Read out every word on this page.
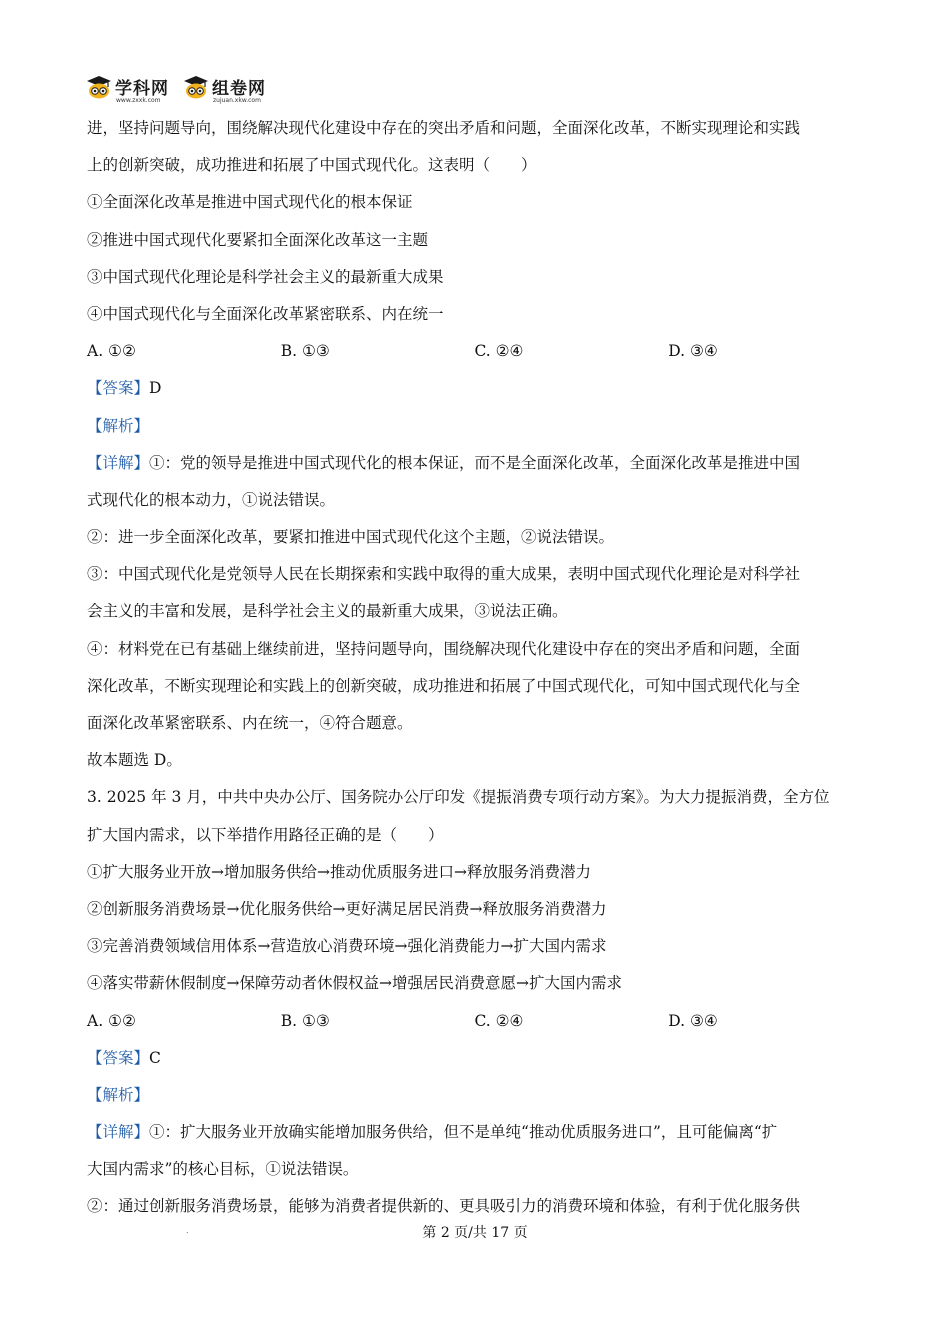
学科网
www.zxxk.com
组卷网
zujuan.xkw.com
进，坚持问题导向，围绕解决现代化建设中存在的突出矛盾和问题，全面深化改革，不断实现理论和实践
上的创新突破，成功推进和拓展了中国式现代化。这表明（　　）
①全面深化改革是推进中国式现代化的根本保证
②推进中国式现代化要紧扣全面深化改革这一主题
③中国式现代化理论是科学社会主义的最新重大成果
④中国式现代化与全面深化改革紧密联系、内在统一
A. ①②	B. ①③	C. ②④	D. ③④
【答案】D
【解析】
【详解】①：党的领导是推进中国式现代化的根本保证，而不是全面深化改革，全面深化改革是推进中国
式现代化的根本动力，①说法错误。
②：进一步全面深化改革，要紧扣推进中国式现代化这个主题，②说法错误。
③：中国式现代化是党领导人民在长期探索和实践中取得的重大成果，表明中国式现代化理论是对科学社
会主义的丰富和发展，是科学社会主义的最新重大成果，③说法正确。
④：材料党在已有基础上继续前进，坚持问题导向，围绕解决现代化建设中存在的突出矛盾和问题，全面
深化改革，不断实现理论和实践上的创新突破，成功推进和拓展了中国式现代化，可知中国式现代化与全
面深化改革紧密联系、内在统一，④符合题意。
故本题选 D。
3. 2025 年 3 月，中共中央办公厅、国务院办公厅印发《提振消费专项行动方案》。为大力提振消费，全方位
扩大国内需求，以下举措作用路径正确的是（　　）
①扩大服务业开放→增加服务供给→推动优质服务进口→释放服务消费潜力
②创新服务消费场景→优化服务供给→更好满足居民消费→释放服务消费潜力
③完善消费领域信用体系→营造放心消费环境→强化消费能力→扩大国内需求
④落实带薪休假制度→保障劳动者休假权益→增强居民消费意愿→扩大国内需求
A. ①②	B. ①③	C. ②④	D. ③④
【答案】C
【解析】
【详解】①：扩大服务业开放确实能增加服务供给，但不是单纯“推动优质服务进口”，且可能偏离“扩
大国内需求”的核心目标，①说法错误。
②：通过创新服务消费场景，能够为消费者提供新的、更具吸引力的消费环境和体验，有利于优化服务供
.	第 2 页/共 17 页
